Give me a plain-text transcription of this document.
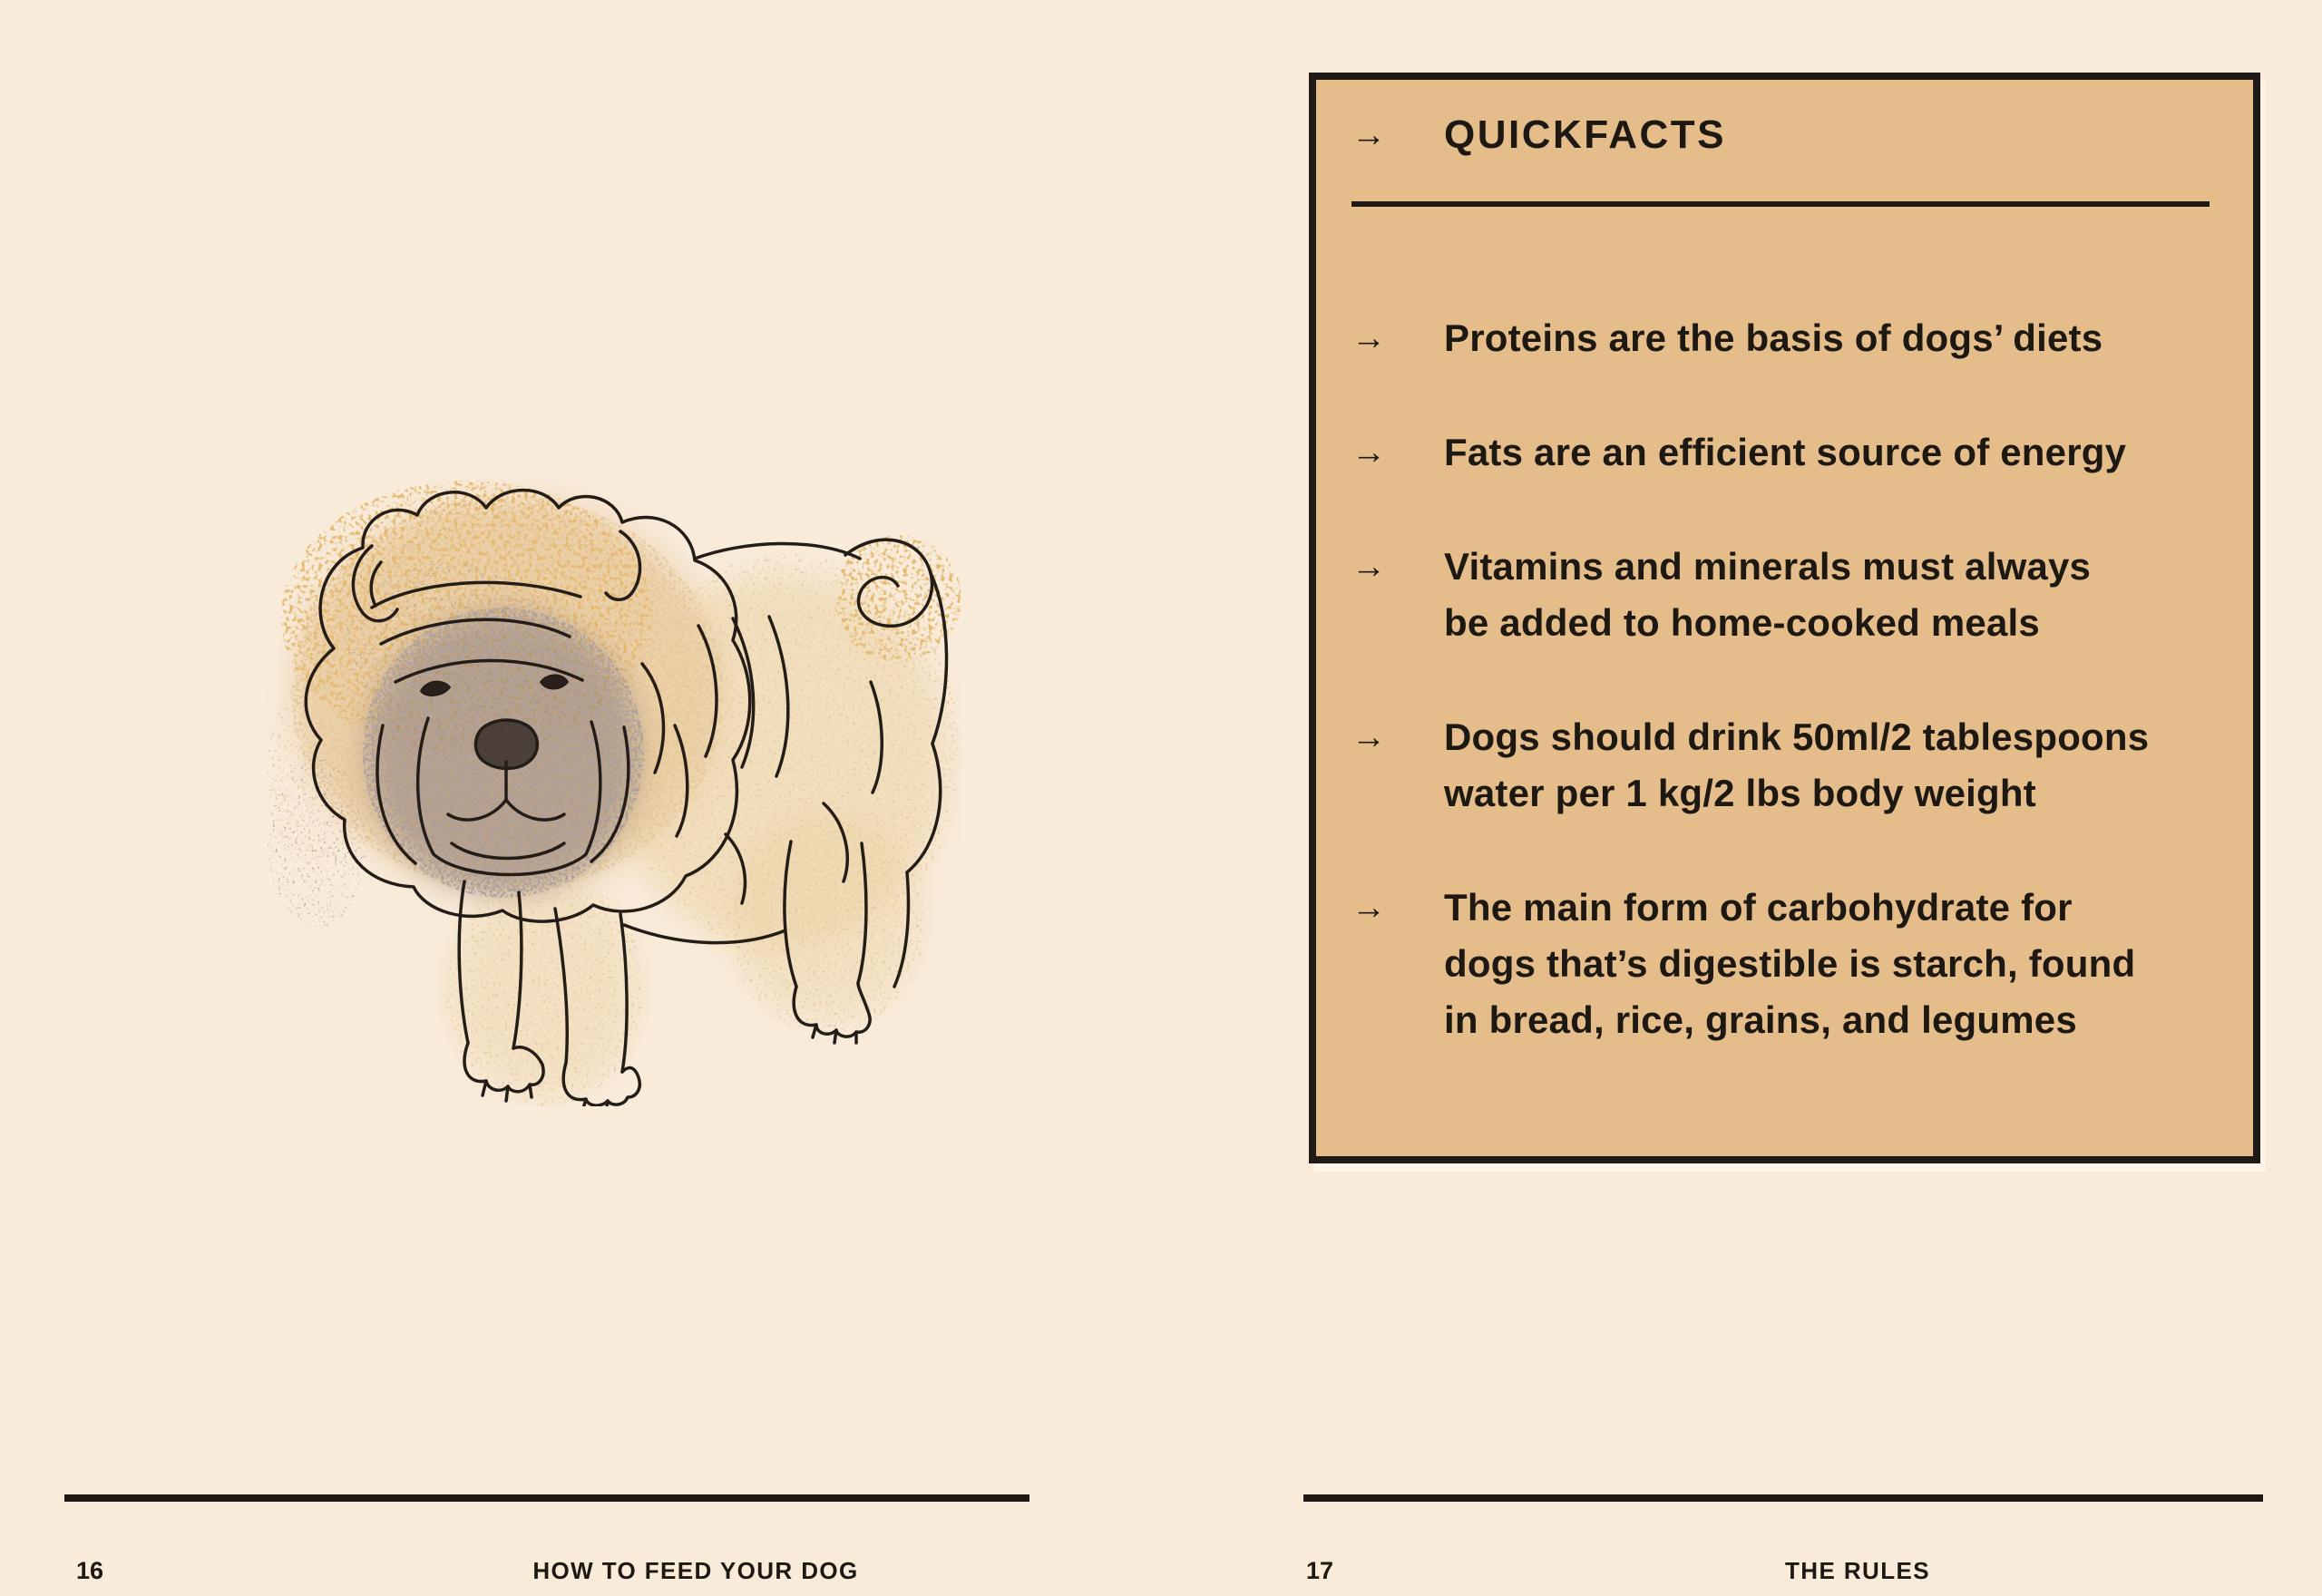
16	HOW TO FEED YOUR DOG
→	QUICKFACTS
→	Proteins are the basis of dogs’ diets
→	Fats are an efficient source of energy
→	Vitamins and minerals must always
be added to home-cooked meals
→	Dogs should drink 50ml/2 tablespoons
water per 1 kg/2 lbs body weight
→	The main form of carbohydrate for
dogs that’s digestible is starch, found
in bread, rice, grains, and legumes
17	THE RULES
